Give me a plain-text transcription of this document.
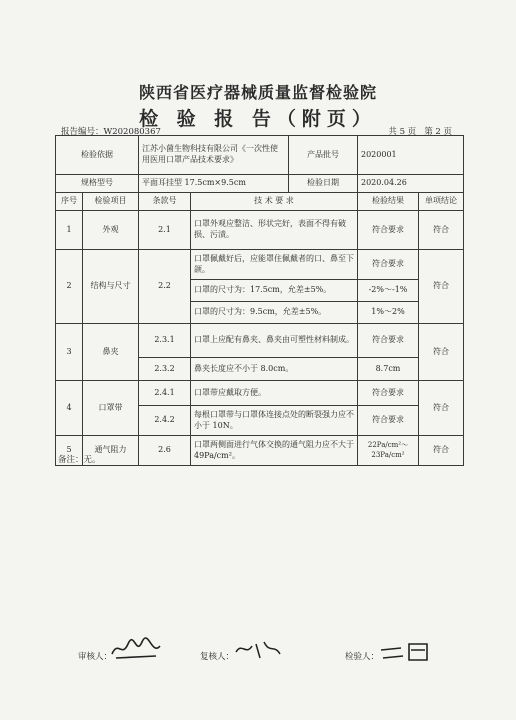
陕西省医疗器械质量监督检验院
检 验 报 告（附页）
报告编号：W202080367	共 5 页 第 2 页
检验依据		江苏小菌生物科技有限公司《一次性使用医用口罩产品技术要求》		产品批号	2020001	
规格型号		平面耳挂型 17.5cm×9.5cm		检验日期	2020.04.26	
序号	检验项目	条款号	技 术 要 求		检验结果	单项结论
1	外观	2.1	口罩外观应整洁、形状完好，表面不得有破损、污渍。		符合要求	符合
2	结构与尺寸	2.2	口罩佩戴好后，应能罩住佩戴者的口、鼻至下颌。		符合要求	符合
			口罩的尺寸为：17.5cm，允差±5%。		-2%～-1%	
			口罩的尺寸为：9.5cm，允差±5%。		1%～2%	
3	鼻夹	2.3.1	口罩上应配有鼻夹、鼻夹由可塑性材料制成。		符合要求	符合
		2.3.2	鼻夹长度应不小于 8.0cm。		8.7cm	
4	口罩带	2.4.1	口罩带应戴取方便。		符合要求	符合
		2.4.2	每根口罩带与口罩体连接点处的断裂强力应不小于 10N。		符合要求	
5	通气阻力	2.6	口罩两侧面进行气体交换的通气阻力应不大于 49Pa/cm²。		22Pa/cm²～23Pa/cm²	符合
备注：无。
审核人：	复核人：	检验人：
